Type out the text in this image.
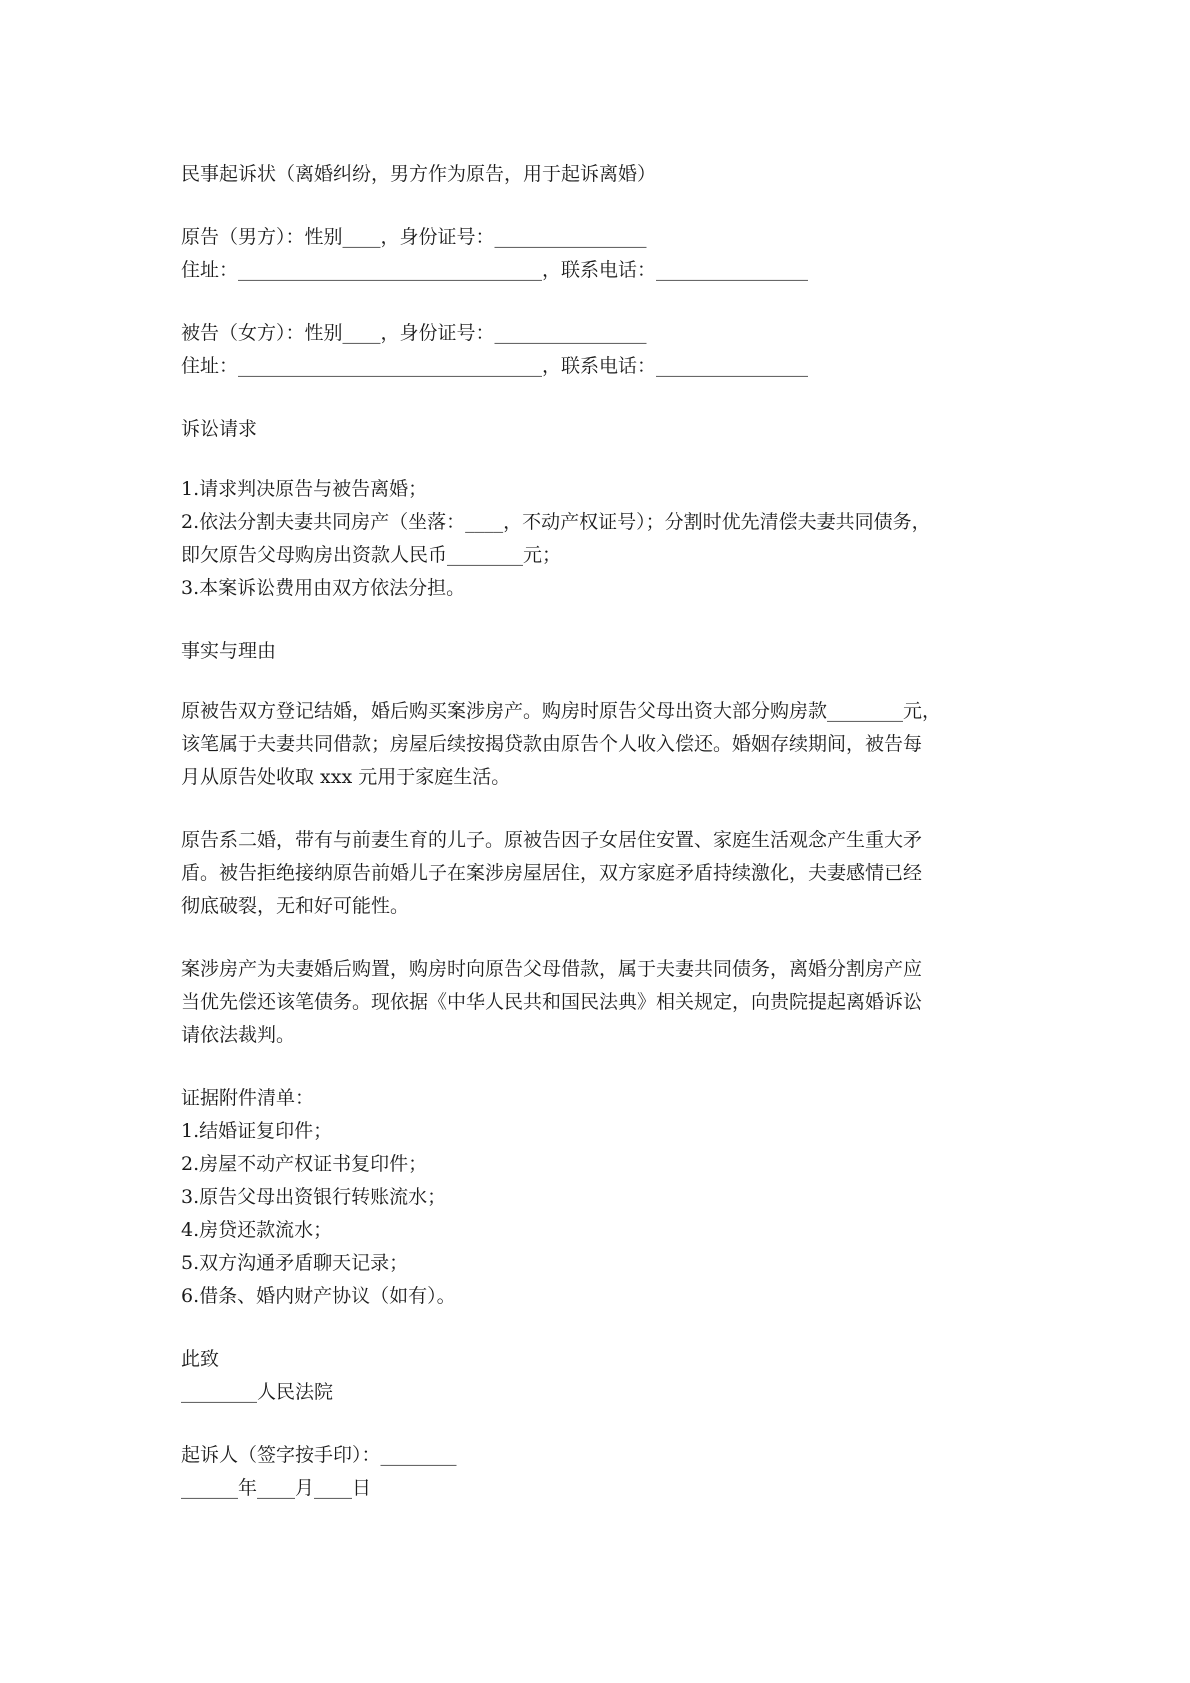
民事起诉状（离婚纠纷，男方作为原告，用于起诉离婚）
原告（男方）：性别____，身份证号：________________
住址：________________________________，联系电话：________________
被告（女方）：性别____，身份证号：________________
住址：________________________________，联系电话：________________
诉讼请求
1.请求判决原告与被告离婚；
2.依法分割夫妻共同房产（坐落：____，不动产权证号）；分割时优先清偿夫妻共同债务，
即欠原告父母购房出资款人民币________元；
3.本案诉讼费用由双方依法分担。
事实与理由
原被告双方登记结婚，婚后购买案涉房产。购房时原告父母出资大部分购房款________元，
该笔属于夫妻共同借款；房屋后续按揭贷款由原告个人收入偿还。婚姻存续期间，被告每
月从原告处收取 xxx 元用于家庭生活。
原告系二婚，带有与前妻生育的儿子。原被告因子女居住安置、家庭生活观念产生重大矛
盾。被告拒绝接纳原告前婚儿子在案涉房屋居住，双方家庭矛盾持续激化，夫妻感情已经
彻底破裂，无和好可能性。
案涉房产为夫妻婚后购置，购房时向原告父母借款，属于夫妻共同债务，离婚分割房产应
当优先偿还该笔债务。现依据《中华人民共和国民法典》相关规定，向贵院提起离婚诉讼
请依法裁判。
证据附件清单：
1.结婚证复印件；
2.房屋不动产权证书复印件；
3.原告父母出资银行转账流水；
4.房贷还款流水；
5.双方沟通矛盾聊天记录；
6.借条、婚内财产协议（如有）。
此致
________人民法院
起诉人（签字按手印）：________
______年____月____日
